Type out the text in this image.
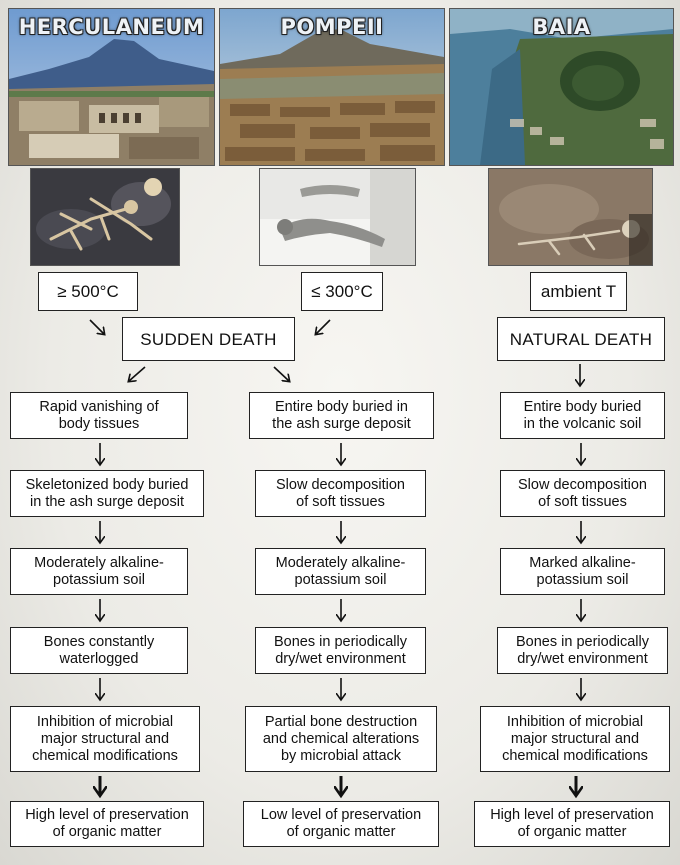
HERCULANEUM	POMPEII	BAIA
≥ 500°C	≤ 300°C	ambient T
SUDDEN DEATH	NATURAL DEATH
Rapid vanishing of
body tissues
Skeletonized body buried
in the ash surge deposit
Moderately alkaline-
potassium soil
Bones constantly
waterlogged
Inhibition of microbial
major structural and
chemical modifications
High level of preservation
of organic matter
Entire body buried in
the ash surge deposit
Slow decomposition
of soft tissues
Moderately alkaline-
potassium soil
Bones in periodically
dry/wet environment
Partial bone destruction
and chemical alterations
by microbial attack
Low level of preservation
of organic matter
Entire body buried
in the volcanic soil
Slow decomposition
of soft tissues
Marked alkaline-
potassium soil
Bones in periodically
dry/wet environment
Inhibition of microbial
major structural and
chemical modifications
High level of preservation
of organic matter
